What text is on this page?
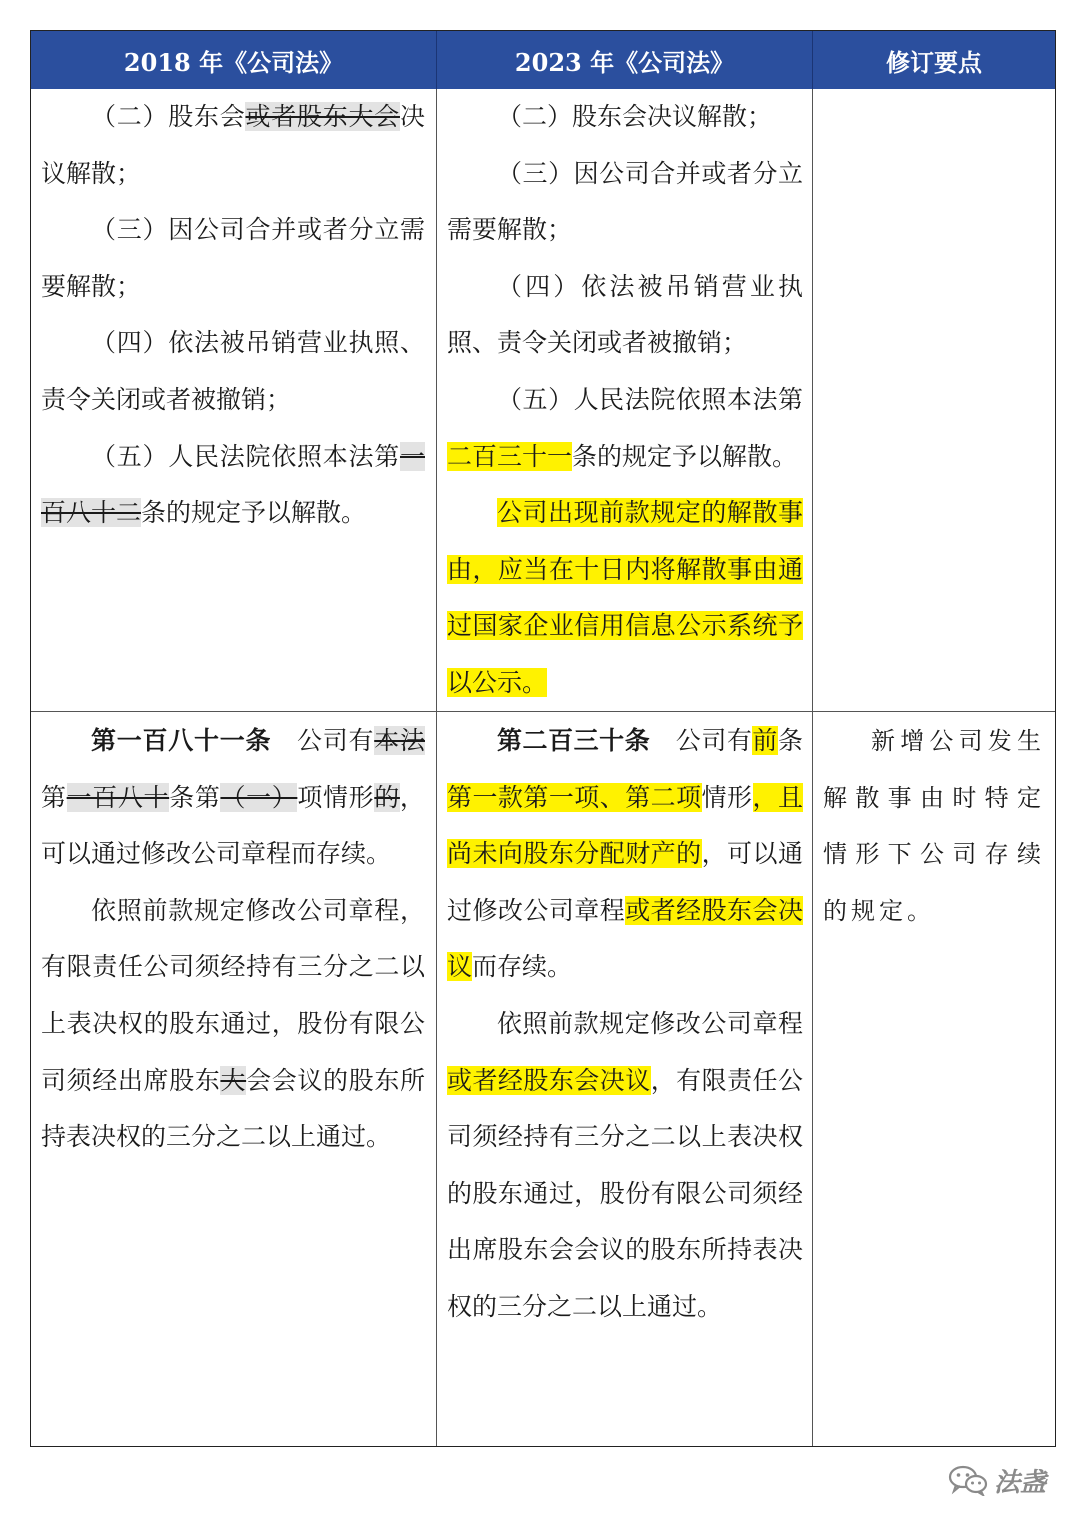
2018 年《公司法》	2023 年《公司法》	修订要点

（二）股东会或者股东大会决议解散；

（三）因公司合并或者分立需要解散；

（四）依法被吊销营业执照、责令关闭或者被撤销；

（五）人民法院依照本法第一百八十二条的规定予以解散。

（二）股东会决议解散；

（三）因公司合并或者分立需要解散；

（四）依法被吊销营业执照、责令关闭或者被撤销；

（五）人民法院依照本法第二百三十一条的规定予以解散。

公司出现前款规定的解散事由，应当在十日内将解散事由通过国家企业信用信息公示系统予以公示。

第一百八十一条　 公司有本法第一百八十条第（一）项情形的，可以通过修改公司章程而存续。

依照前款规定修改公司章程，有限责任公司须经持有三分之二以上表决权的股东通过，股份有限公司须经出席股东大会会议的股东所持表决权的三分之二以上通过。

第二百三十条　 公司有前条第一款第一项、第二项情形，且尚未向股东分配财产的，可以通过修改公司章程或者经股东会决议而存续。

依照前款规定修改公司章程或者经股东会决议，有限责任公司须经持有三分之二以上表决权的股东通过，股份有限公司须经出席股东会会议的股东所持表决权的三分之二以上通过。

新增公司发生解散事由时特定情形下公司存续的规定。

法盏
